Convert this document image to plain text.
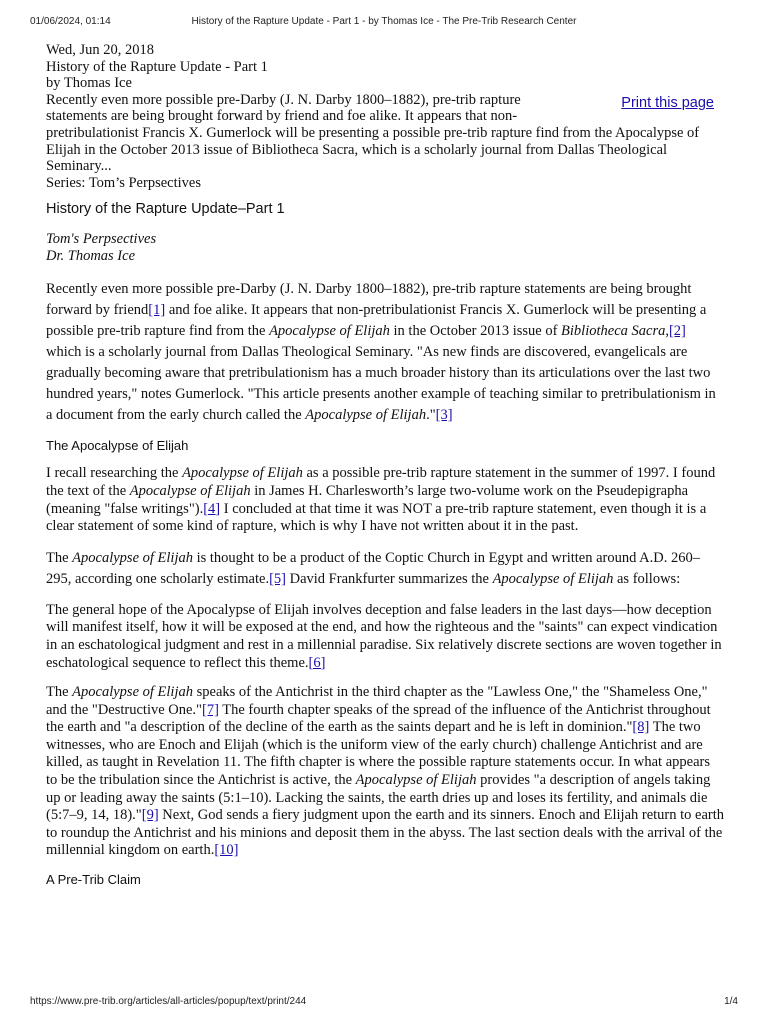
01/06/2024, 01:14	History of the Rapture Update - Part 1 - by Thomas Ice - The Pre-Trib Research Center
Wed, Jun 20, 2018
History of the Rapture Update - Part 1
by Thomas Ice
Recently even more possible pre-Darby (J. N. Darby 1800–1882), pre-trib rapture statements are being brought forward by friend and foe alike. It appears that non-
pretribulationist Francis X. Gumerlock will be presenting a possible pre-trib rapture find from the Apocalypse of Elijah in the October 2013 issue of Bibliotheca Sacra, which is a scholarly journal from Dallas Theological Seminary...
Series: Tom’s Perpsectives
Print this page
History of the Rapture Update–Part 1
Tom's Perpsectives
Dr. Thomas Ice

Recently even more possible pre-Darby (J. N. Darby 1800–1882), pre-trib rapture statements are being brought forward by friend[1] and foe alike. It appears that non-pretribulationist Francis X. Gumerlock will be presenting a possible pre-trib rapture find from the Apocalypse of Elijah in the October 2013 issue of Bibliotheca Sacra,[2] which is a scholarly journal from Dallas Theological Seminary. "As new finds are discovered, evangelicals are gradually becoming aware that pretribulationism has a much broader history than its articulations over the last two hundred years," notes Gumerlock. "This article presents another example of teaching similar to pretribulationism in a document from the early church called the Apocalypse of Elijah."[3]

The Apocalypse of Elijah

I recall researching the Apocalypse of Elijah as a possible pre-trib rapture statement in the summer of 1997. I found the text of the Apocalypse of Elijah in James H. Charlesworth’s large two-volume work on the Pseudepigrapha (meaning "false writings").[4] I concluded at that time it was NOT a pre-trib rapture statement, even though it is a clear statement of some kind of rapture, which is why I have not written about it in the past.

The Apocalypse of Elijah is thought to be a product of the Coptic Church in Egypt and written around A.D. 260–295, according one scholarly estimate.[5] David Frankfurter summarizes the Apocalypse of Elijah as follows:

The general hope of the Apocalypse of Elijah involves deception and false leaders in the last days—how deception will manifest itself, how it will be exposed at the end, and how the righteous and the "saints" can expect vindication in an eschatological judgment and rest in a millennial paradise. Six relatively discrete sections are woven together in eschatological sequence to reflect this theme.[6]

The Apocalypse of Elijah speaks of the Antichrist in the third chapter as the "Lawless One," the "Shameless One," and the "Destructive One."[7] The fourth chapter speaks of the spread of the influence of the Antichrist throughout the earth and "a description of the decline of the earth as the saints depart and he is left in dominion."[8] The two witnesses, who are Enoch and Elijah (which is the uniform view of the early church) challenge Antichrist and are killed, as taught in Revelation 11. The fifth chapter is where the possible rapture statements occur. In what appears to be the tribulation since the Antichrist is active, the Apocalypse of Elijah provides "a description of angels taking up or leading away the saints (5:1–10). Lacking the saints, the earth dries up and loses its fertility, and animals die (5:7–9, 14, 18)."[9] Next, God sends a fiery judgment upon the earth and its sinners. Enoch and Elijah return to earth to roundup the Antichrist and his minions and deposit them in the abyss. The last section deals with the arrival of the millennial kingdom on earth.[10]

A Pre-Trib Claim
https://www.pre-trib.org/articles/all-articles/popup/text/print/244	1/4
